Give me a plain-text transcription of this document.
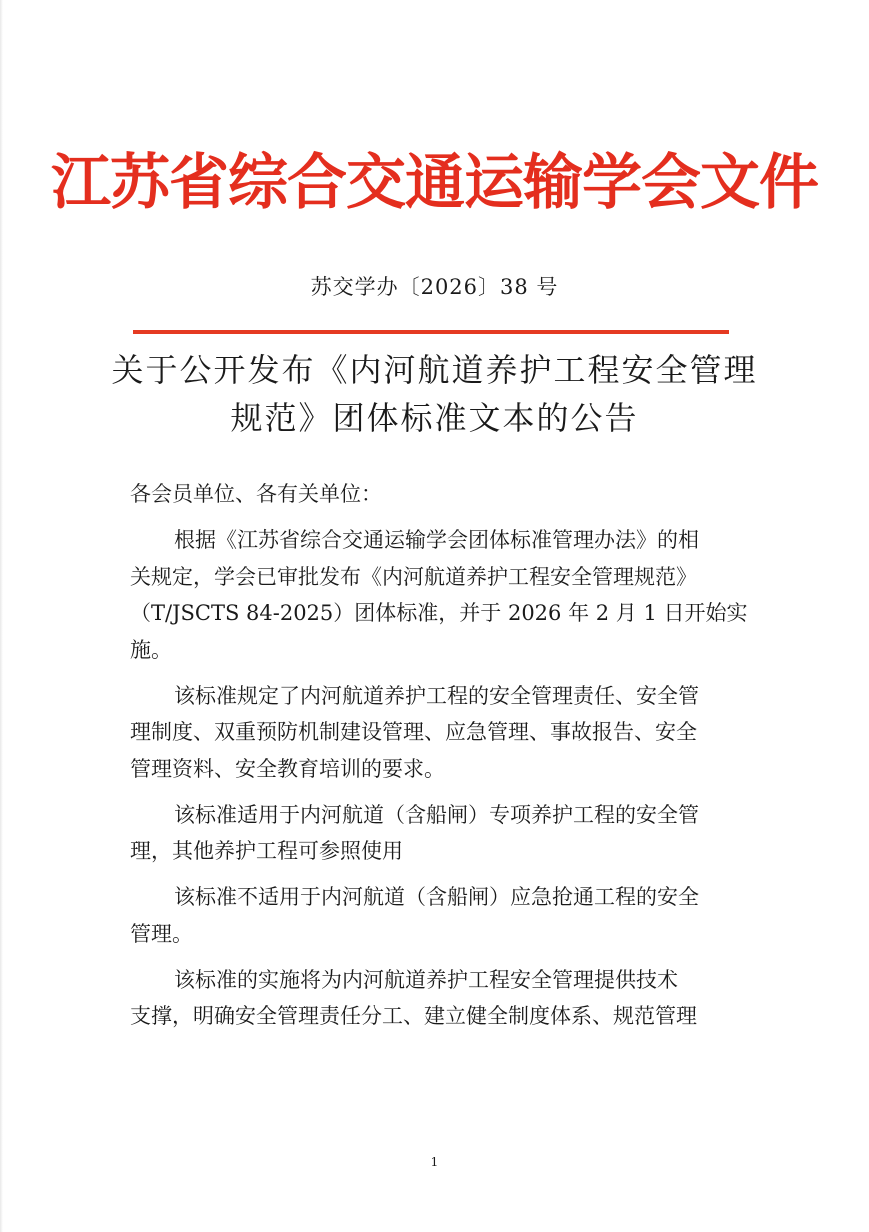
江苏省综合交通运输学会文件
苏交学办〔2026〕38 号
关于公开发布《内河航道养护工程安全管理
规范》团体标准文本的公告
各会员单位、各有关单位：
根据《江苏省综合交通运输学会团体标准管理办法》的相
关规定，学会已审批发布《内河航道养护工程安全管理规范》
（T/JSCTS 84-2025）团体标准，并于 2026 年 2 月 1 日开始实
施。
该标准规定了内河航道养护工程的安全管理责任、安全管
理制度、双重预防机制建设管理、应急管理、事故报告、安全
管理资料、安全教育培训的要求。
该标准适用于内河航道（含船闸）专项养护工程的安全管
理，其他养护工程可参照使用
该标准不适用于内河航道（含船闸）应急抢通工程的安全
管理。
该标准的实施将为内河航道养护工程安全管理提供技术
支撑，明确安全管理责任分工、建立健全制度体系、规范管理
1
